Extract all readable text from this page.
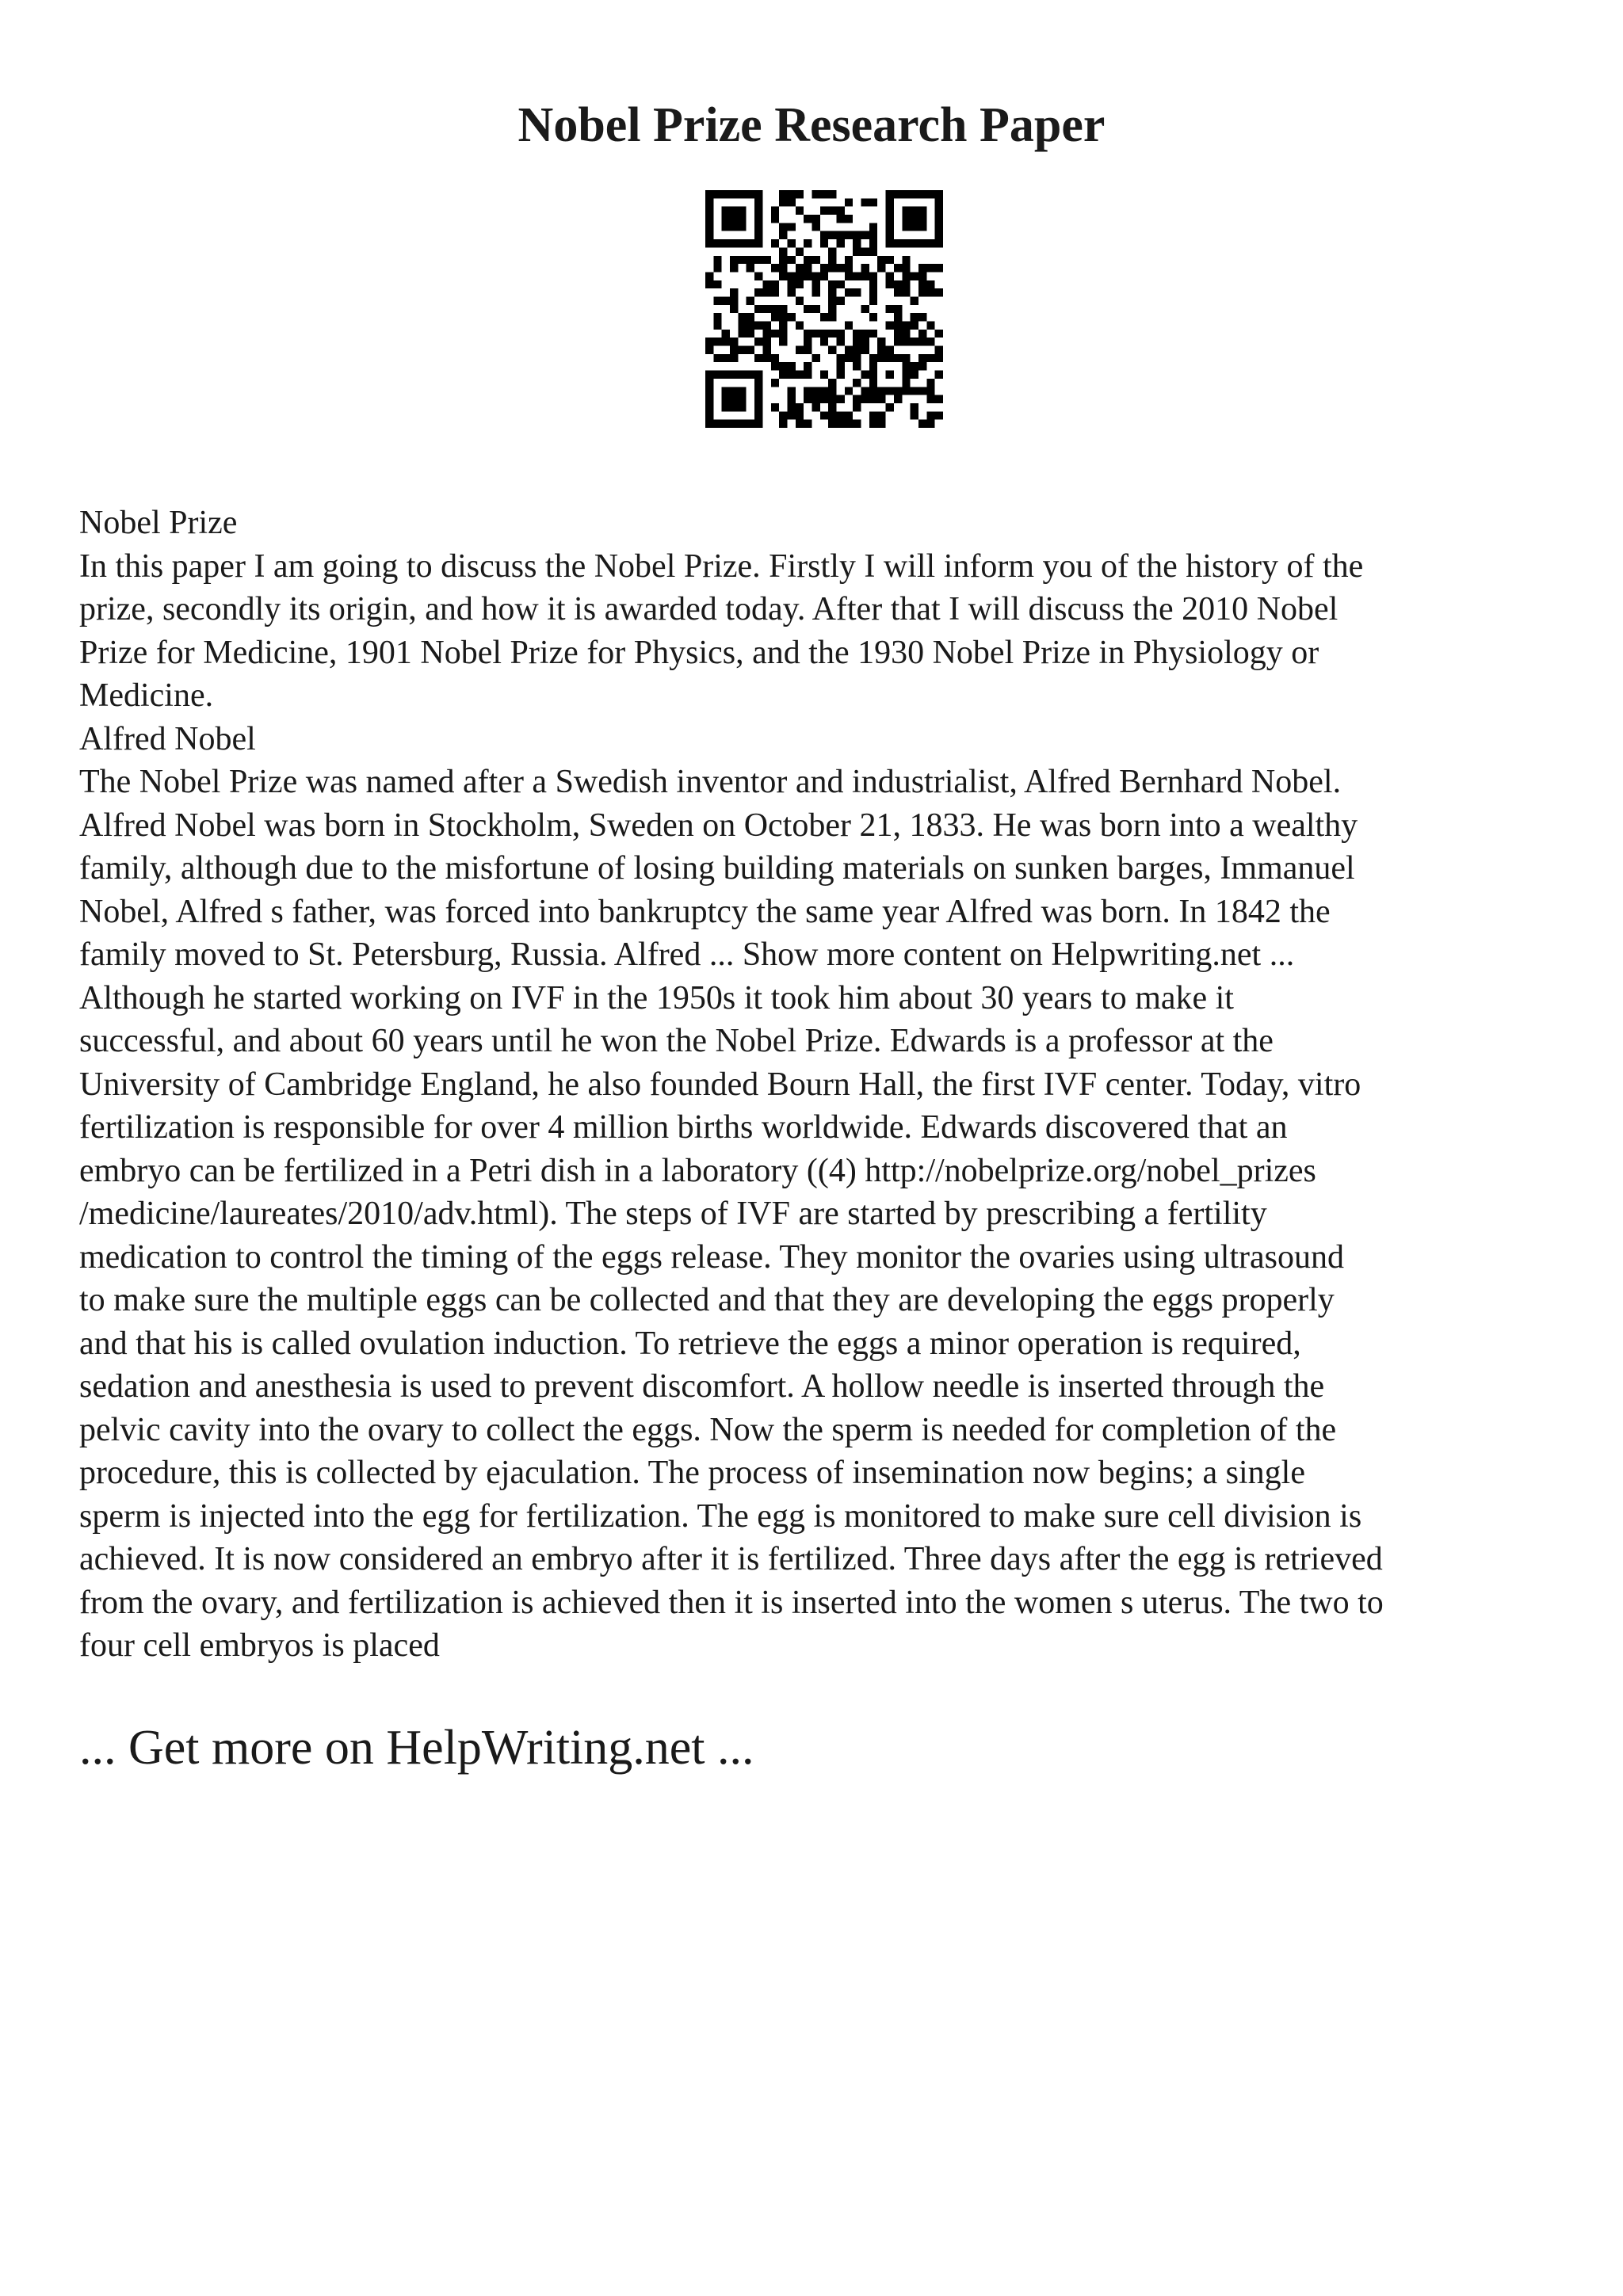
Nobel Prize Research Paper
Nobel Prize
In this paper I am going to discuss the Nobel Prize. Firstly I will inform you of the history of the
prize, secondly its origin, and how it is awarded today. After that I will discuss the 2010 Nobel
Prize for Medicine, 1901 Nobel Prize for Physics, and the 1930 Nobel Prize in Physiology or
Medicine.
Alfred Nobel
The Nobel Prize was named after a Swedish inventor and industrialist, Alfred Bernhard Nobel.
Alfred Nobel was born in Stockholm, Sweden on October 21, 1833. He was born into a wealthy
family, although due to the misfortune of losing building materials on sunken barges, Immanuel
Nobel, Alfred s father, was forced into bankruptcy the same year Alfred was born. In 1842 the
family moved to St. Petersburg, Russia. Alfred ... Show more content on Helpwriting.net ...
Although he started working on IVF in the 1950s it took him about 30 years to make it
successful, and about 60 years until he won the Nobel Prize. Edwards is a professor at the
University of Cambridge England, he also founded Bourn Hall, the first IVF center. Today, vitro
fertilization is responsible for over 4 million births worldwide. Edwards discovered that an
embryo can be fertilized in a Petri dish in a laboratory ((4) http://nobelprize.org/nobel_prizes
/medicine/laureates/2010/adv.html). The steps of IVF are started by prescribing a fertility
medication to control the timing of the eggs release. They monitor the ovaries using ultrasound
to make sure the multiple eggs can be collected and that they are developing the eggs properly
and that his is called ovulation induction. To retrieve the eggs a minor operation is required,
sedation and anesthesia is used to prevent discomfort. A hollow needle is inserted through the
pelvic cavity into the ovary to collect the eggs. Now the sperm is needed for completion of the
procedure, this is collected by ejaculation. The process of insemination now begins; a single
sperm is injected into the egg for fertilization. The egg is monitored to make sure cell division is
achieved. It is now considered an embryo after it is fertilized. Three days after the egg is retrieved
from the ovary, and fertilization is achieved then it is inserted into the women s uterus. The two to
four cell embryos is placed
... Get more on HelpWriting.net ...
